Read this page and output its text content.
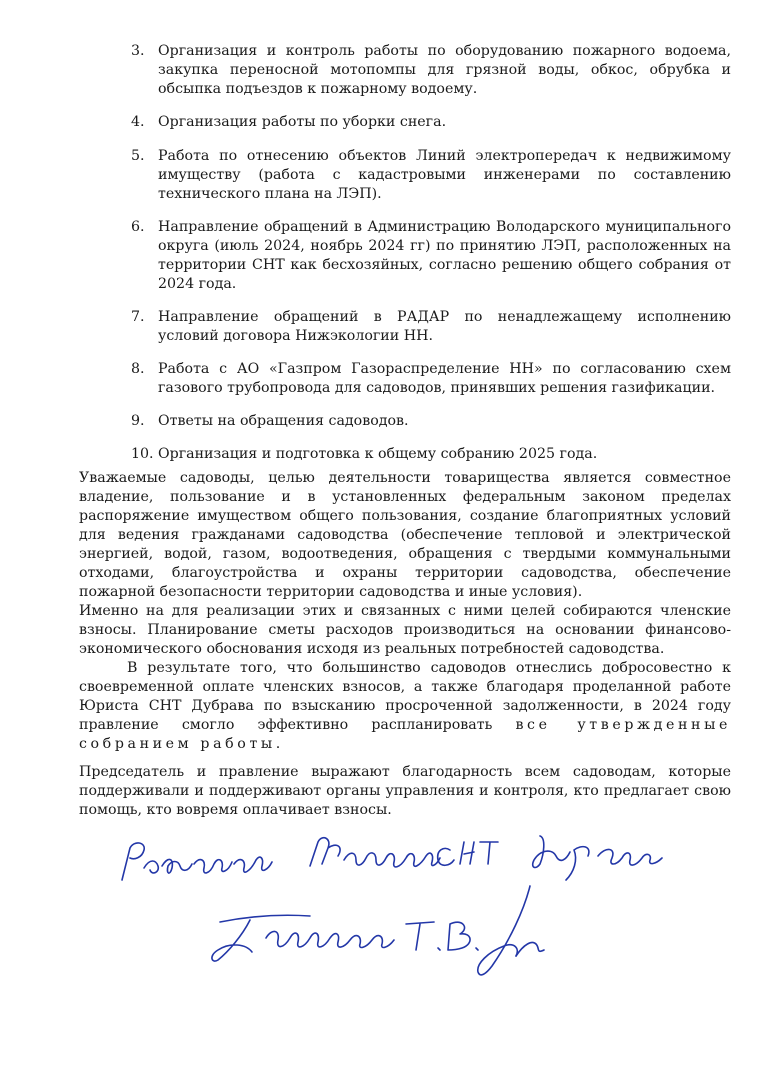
3. Организация и контроль работы по оборудованию пожарного водоема, закупка переносной мотопомпы для грязной воды, обкос, обрубка и обсыпка подъездов к пожарному водоему.
4. Организация работы по уборки снега.
5. Работа по отнесению объектов Линий электропередач к недвижимому имуществу (работа с кадастровыми инженерами по составлению технического плана на ЛЭП).
6. Направление обращений в Администрацию Володарского муниципального округа (июль 2024, ноябрь 2024 гг) по принятию ЛЭП, расположенных на территории СНТ как бесхозяйных, согласно решению общего собрания от 2024 года.
7. Направление обращений в РАДАР по ненадлежащему исполнению условий договора Нижэкологии НН.
8. Работа с АО «Газпром Газораспределение НН» по согласованию схем газового трубопровода для садоводов, принявших решения газификации.
9. Ответы на обращения садоводов.
10. Организация и подготовка к общему собранию 2025 года.

Уважаемые садоводы, целью деятельности товарищества является совместное владение, пользование и в установленных федеральным законом пределах распоряжение имуществом общего пользования, создание благоприятных условий для ведения гражданами садоводства (обеспечение тепловой и электрической энергией, водой, газом, водоотведения, обращения с твердыми коммунальными отходами, благоустройства и охраны территории садоводства, обеспечение пожарной безопасности территории садоводства и иные условия).

Именно на для реализации этих и связанных с ними целей собираются членские взносы. Планирование сметы расходов производиться на основании финансово-экономического обоснования исходя из реальных потребностей садоводства.

В результате того, что большинство садоводов отнеслись добросовестно к своевременной оплате членских взносов, а также благодаря проделанной работе Юриста СНТ Дубрава по взысканию просроченной задолженности, в 2024 году правление смогло эффективно распланировать все утвержденные собранием работы.

Председатель и правление выражают благодарность всем садоводам, которые поддерживали и поддерживают органы управления и контроля, кто предлагает свою помощь, кто вовремя оплачивает взносы.
